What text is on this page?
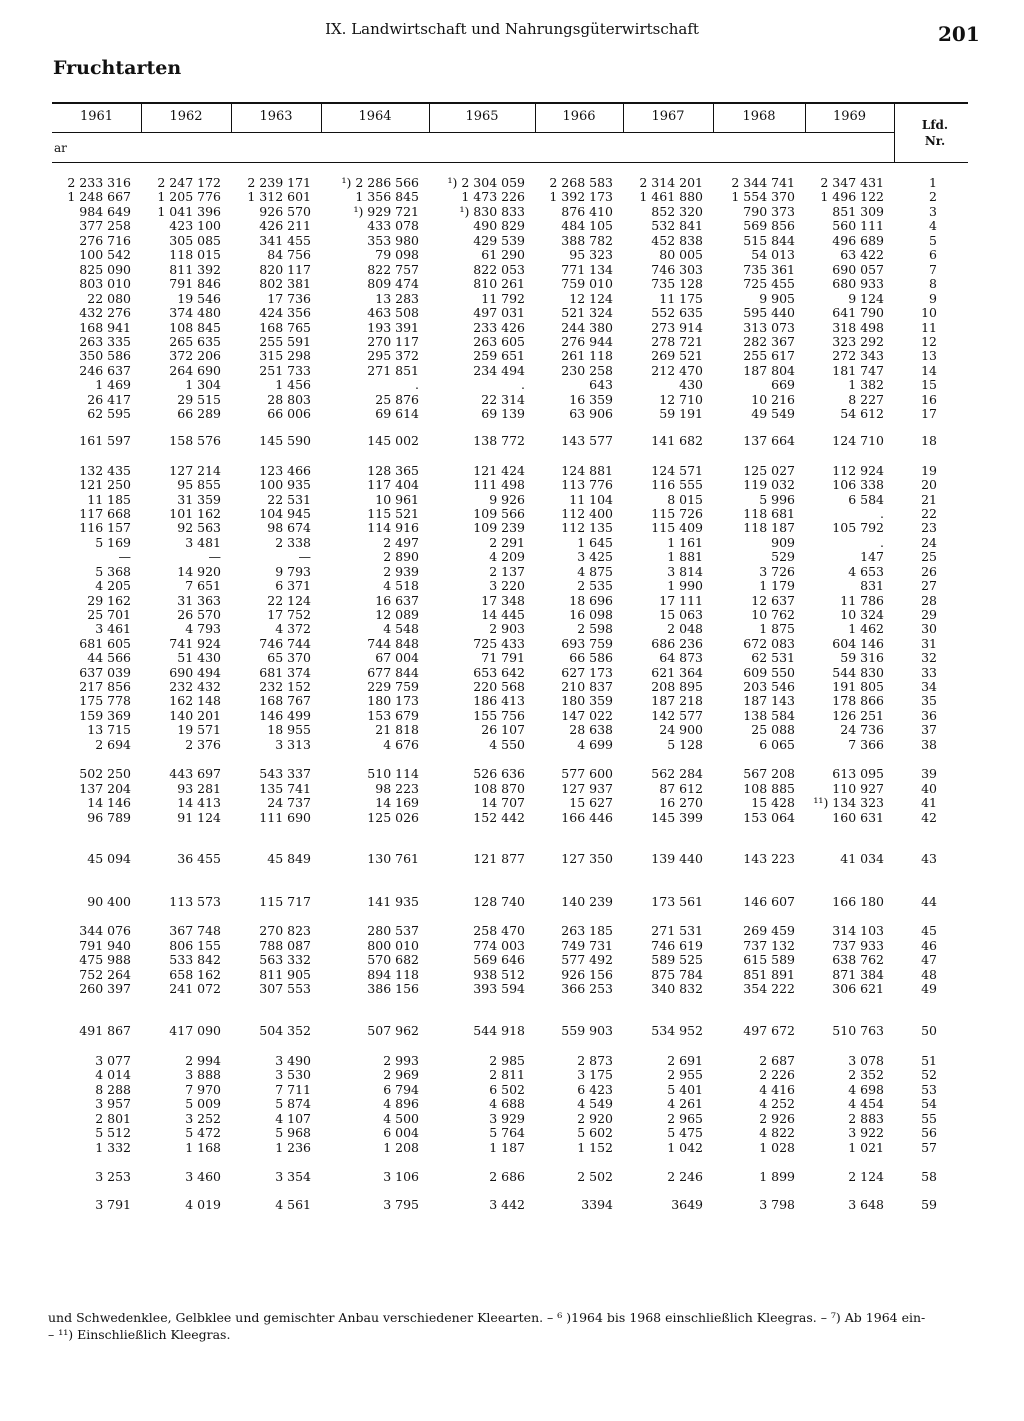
IX. Landwirtschaft und Nahrungsgüterwirtschaft	201
Fruchtarten
1961	1962	1963	1964	1965	1966	1967	1968	1969
ar
Lfd.
Nr.
2 233 316	2 247 172	2 239 171	¹) 2 286 566	¹) 2 304 059	2 268 583	2 314 201	2 344 741	2 347 431	1
1 248 667	1 205 776	1 312 601	1 356 845	1 473 226	1 392 173	1 461 880	1 554 370	1 496 122	2
984 649	1 041 396	926 570	¹) 929 721	¹) 830 833	876 410	852 320	790 373	851 309	3
377 258	423 100	426 211	433 078	490 829	484 105	532 841	569 856	560 111	4
276 716	305 085	341 455	353 980	429 539	388 782	452 838	515 844	496 689	5
100 542	118 015	84 756	79 098	61 290	95 323	80 005	54 013	63 422	6
825 090	811 392	820 117	822 757	822 053	771 134	746 303	735 361	690 057	7
803 010	791 846	802 381	809 474	810 261	759 010	735 128	725 455	680 933	8
22 080	19 546	17 736	13 283	11 792	12 124	11 175	9 905	9 124	9
432 276	374 480	424 356	463 508	497 031	521 324	552 635	595 440	641 790	10
168 941	108 845	168 765	193 391	233 426	244 380	273 914	313 073	318 498	11
263 335	265 635	255 591	270 117	263 605	276 944	278 721	282 367	323 292	12
350 586	372 206	315 298	295 372	259 651	261 118	269 521	255 617	272 343	13
246 637	264 690	251 733	271 851	234 494	230 258	212 470	187 804	181 747	14
1 469	1 304	1 456	.	.	643	430	669	1 382	15
26 417	29 515	28 803	25 876	22 314	16 359	12 710	10 216	8 227	16
62 595	66 289	66 006	69 614	69 139	63 906	59 191	49 549	54 612	17
161 597	158 576	145 590	145 002	138 772	143 577	141 682	137 664	124 710	18
132 435	127 214	123 466	128 365	121 424	124 881	124 571	125 027	112 924	19
121 250	95 855	100 935	117 404	111 498	113 776	116 555	119 032	106 338	20
11 185	31 359	22 531	10 961	9 926	11 104	8 015	5 996	6 584	21
117 668	101 162	104 945	115 521	109 566	112 400	115 726	118 681	.	22
116 157	92 563	98 674	114 916	109 239	112 135	115 409	118 187	105 792	23
5 169	3 481	2 338	2 497	2 291	1 645	1 161	909	.	24
—	—	—	2 890	4 209	3 425	1 881	529	147	25
5 368	14 920	9 793	2 939	2 137	4 875	3 814	3 726	4 653	26
4 205	7 651	6 371	4 518	3 220	2 535	1 990	1 179	831	27
29 162	31 363	22 124	16 637	17 348	18 696	17 111	12 637	11 786	28
25 701	26 570	17 752	12 089	14 445	16 098	15 063	10 762	10 324	29
3 461	4 793	4 372	4 548	2 903	2 598	2 048	1 875	1 462	30
681 605	741 924	746 744	744 848	725 433	693 759	686 236	672 083	604 146	31
44 566	51 430	65 370	67 004	71 791	66 586	64 873	62 531	59 316	32
637 039	690 494	681 374	677 844	653 642	627 173	621 364	609 550	544 830	33
217 856	232 432	232 152	229 759	220 568	210 837	208 895	203 546	191 805	34
175 778	162 148	168 767	180 173	186 413	180 359	187 218	187 143	178 866	35
159 369	140 201	146 499	153 679	155 756	147 022	142 577	138 584	126 251	36
13 715	19 571	18 955	21 818	26 107	28 638	24 900	25 088	24 736	37
2 694	2 376	3 313	4 676	4 550	4 699	5 128	6 065	7 366	38
502 250	443 697	543 337	510 114	526 636	577 600	562 284	567 208	613 095	39
137 204	93 281	135 741	98 223	108 870	127 937	87 612	108 885	110 927	40
14 146	14 413	24 737	14 169	14 707	15 627	16 270	15 428	¹¹) 134 323	41
96 789	91 124	111 690	125 026	152 442	166 446	145 399	153 064	160 631	42
45 094	36 455	45 849	130 761	121 877	127 350	139 440	143 223	41 034	43
90 400	113 573	115 717	141 935	128 740	140 239	173 561	146 607	166 180	44
344 076	367 748	270 823	280 537	258 470	263 185	271 531	269 459	314 103	45
791 940	806 155	788 087	800 010	774 003	749 731	746 619	737 132	737 933	46
475 988	533 842	563 332	570 682	569 646	577 492	589 525	615 589	638 762	47
752 264	658 162	811 905	894 118	938 512	926 156	875 784	851 891	871 384	48
260 397	241 072	307 553	386 156	393 594	366 253	340 832	354 222	306 621	49
491 867	417 090	504 352	507 962	544 918	559 903	534 952	497 672	510 763	50
3 077	2 994	3 490	2 993	2 985	2 873	2 691	2 687	3 078	51
4 014	3 888	3 530	2 969	2 811	3 175	2 955	2 226	2 352	52
8 288	7 970	7 711	6 794	6 502	6 423	5 401	4 416	4 698	53
3 957	5 009	5 874	4 896	4 688	4 549	4 261	4 252	4 454	54
2 801	3 252	4 107	4 500	3 929	2 920	2 965	2 926	2 883	55
5 512	5 472	5 968	6 004	5 764	5 602	5 475	4 822	3 922	56
1 332	1 168	1 236	1 208	1 187	1 152	1 042	1 028	1 021	57
3 253	3 460	3 354	3 106	2 686	2 502	2 246	1 899	2 124	58
3 791	4 019	4 561	3 795	3 442	3394	3649	3 798	3 648	59
und Schwedenklee, Gelbklee und gemischter Anbau verschiedener Kleearten. – ⁶ )1964 bis 1968 einschließlich Kleegras. – ⁷) Ab 1964 ein-
– ¹¹) Einschließlich Kleegras.
